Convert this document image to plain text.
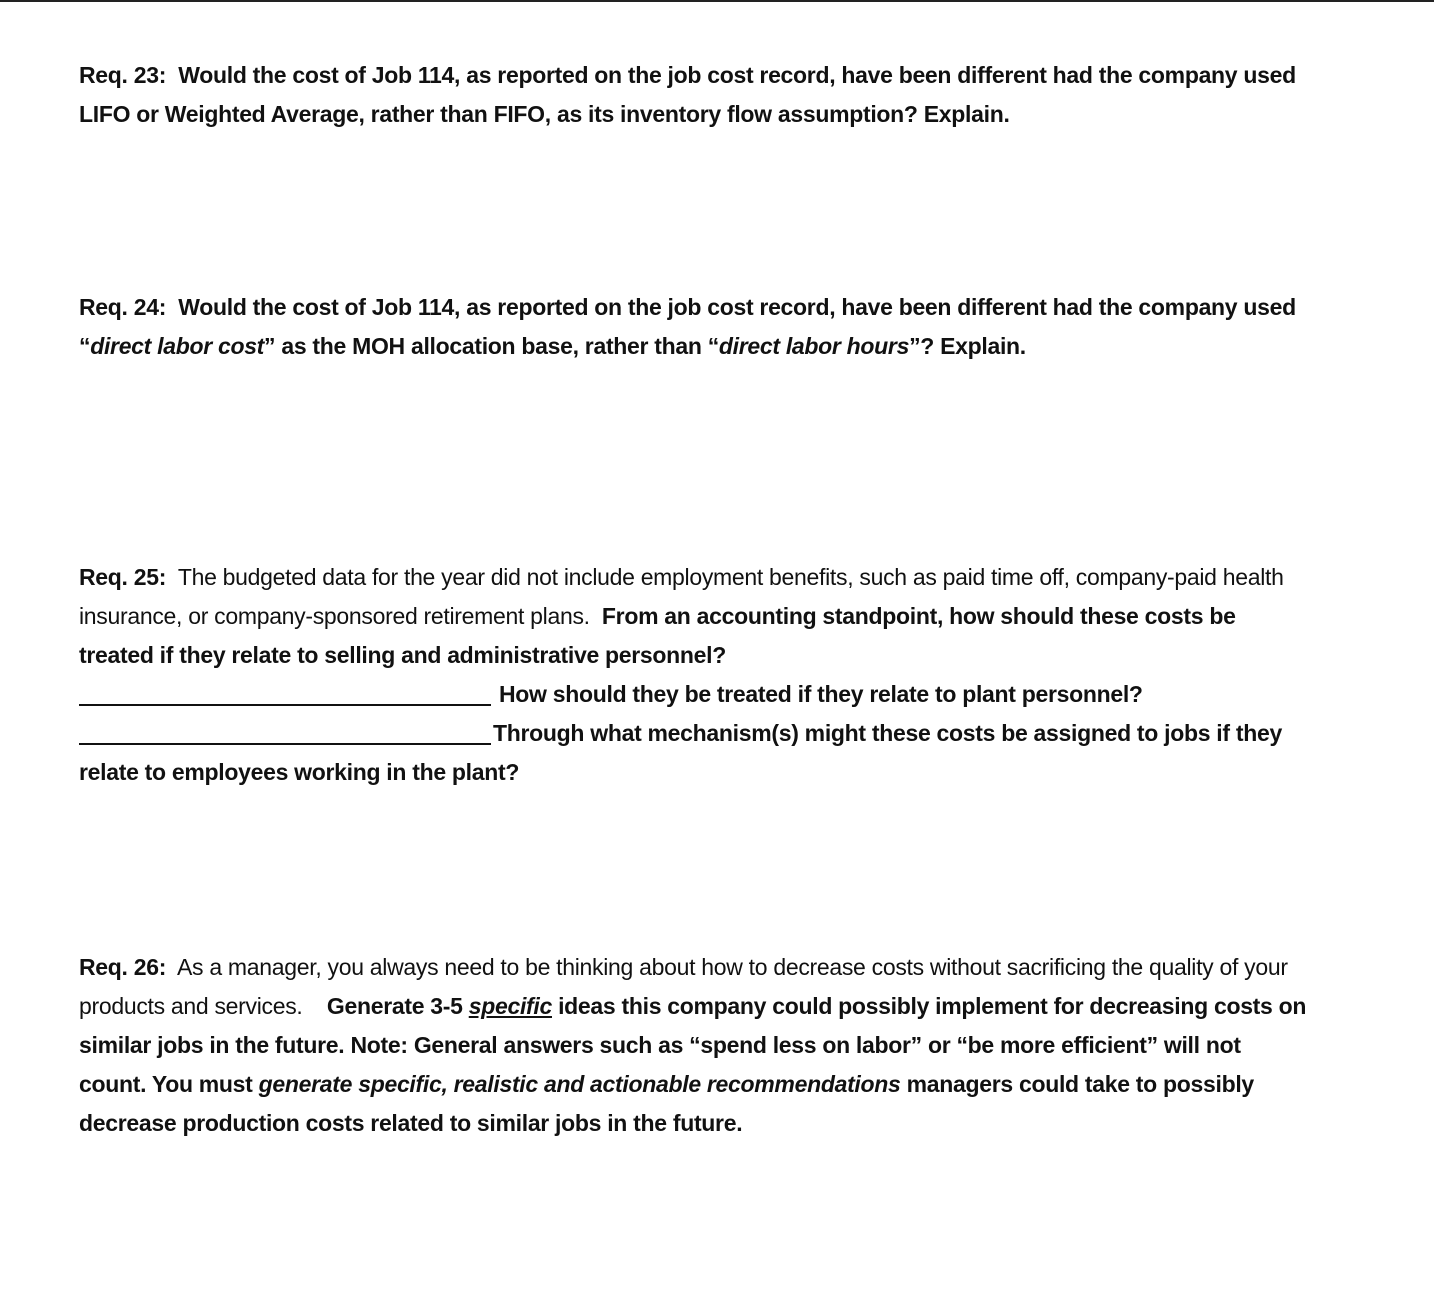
Req. 23: Would the cost of Job 114, as reported on the job cost record, have been different had the company used LIFO or Weighted Average, rather than FIFO, as its inventory flow assumption? Explain.
Req. 24: Would the cost of Job 114, as reported on the job cost record, have been different had the company used “direct labor cost” as the MOH allocation base, rather than “direct labor hours”? Explain.
Req. 25: The budgeted data for the year did not include employment benefits, such as paid time off, company-paid health insurance, or company-sponsored retirement plans. From an accounting standpoint, how should these costs be treated if they relate to selling and administrative personnel?
How should they be treated if they relate to plant personnel?
Through what mechanism(s) might these costs be assigned to jobs if they relate to employees working in the plant?
Req. 26: As a manager, you always need to be thinking about how to decrease costs without sacrificing the quality of your products and services. Generate 3-5 specific ideas this company could possibly implement for decreasing costs on similar jobs in the future. Note: General answers such as “spend less on labor” or “be more efficient” will not count. You must generate specific, realistic and actionable recommendations managers could take to possibly decrease production costs related to similar jobs in the future.
